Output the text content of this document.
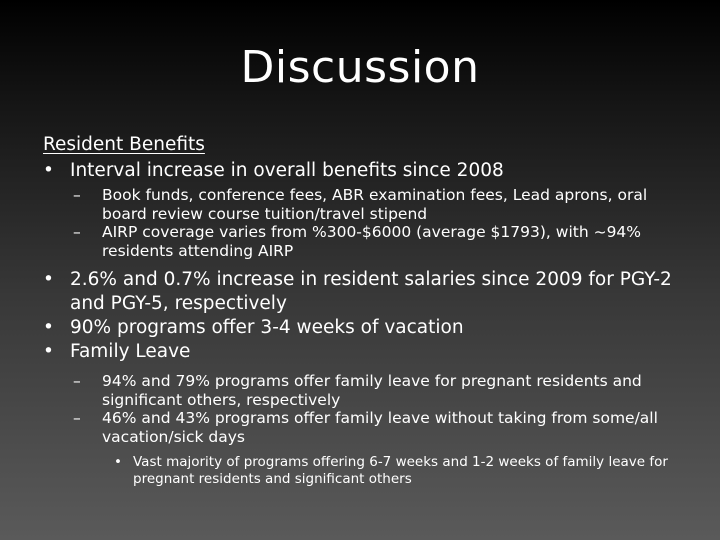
Discussion
Resident Benefits
• Interval increase in overall benefits since 2008
– Book funds, conference fees, ABR examination fees, Lead aprons, oral board review course tuition/travel stipend
– AIRP coverage varies from %300-$6000 (average $1793), with ~94% residents attending AIRP
• 2.6% and 0.7% increase in resident salaries since 2009 for PGY-2 and PGY-5, respectively
• 90% programs offer 3-4 weeks of vacation
• Family Leave
– 94% and 79% programs offer family leave for pregnant residents and significant others, respectively
– 46% and 43% programs offer family leave without taking from some/all vacation/sick days
• Vast majority of programs offering 6-7 weeks and 1-2 weeks of family leave for pregnant residents and significant others
